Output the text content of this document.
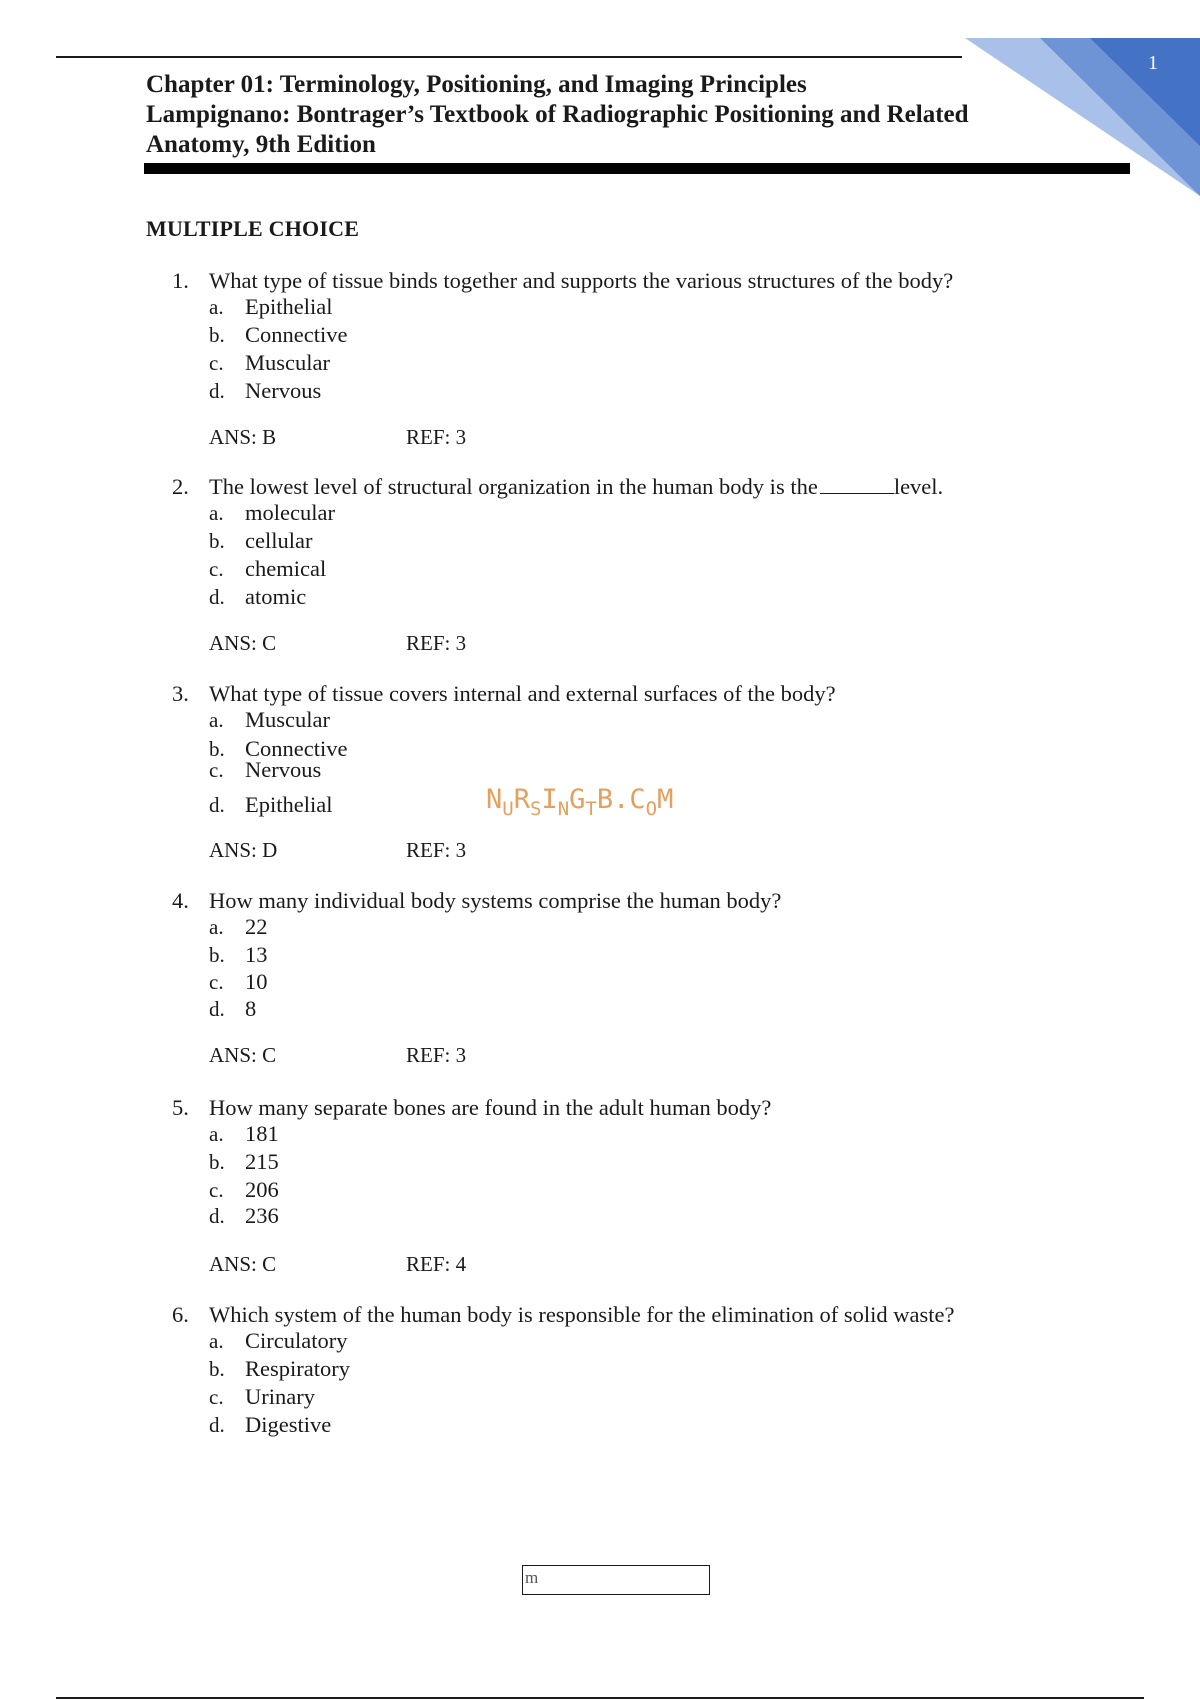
1
Chapter 01: Terminology, Positioning, and Imaging Principles
Lampignano: Bontrager’s Textbook of Radiographic Positioning and Related
Anatomy, 9th Edition
MULTIPLE CHOICE
1. What type of tissue binds together and supports the various structures of the body?
a. Epithelial
b. Connective
c. Muscular
d. Nervous
ANS: B	REF: 3
2. The lowest level of structural organization in the human body is the	level.
a. molecular
b. cellular
c. chemical
d. atomic
ANS: C	REF: 3
3. What type of tissue covers internal and external surfaces of the body?
a. Muscular
b. Connective
c. Nervous
d. Epithelial
ANS: D	REF: 3
$N_UR_SI_NG_TB.C_OM$
4. How many individual body systems comprise the human body?
a. 22
b. 13
c. 10
d. 8
ANS: C	REF: 3
5. How many separate bones are found in the adult human body?
a. 181
b. 215
c. 206
d. 236
ANS: C	REF: 4
6. Which system of the human body is responsible for the elimination of solid waste?
a. Circulatory
b. Respiratory
c. Urinary
d. Digestive
m
